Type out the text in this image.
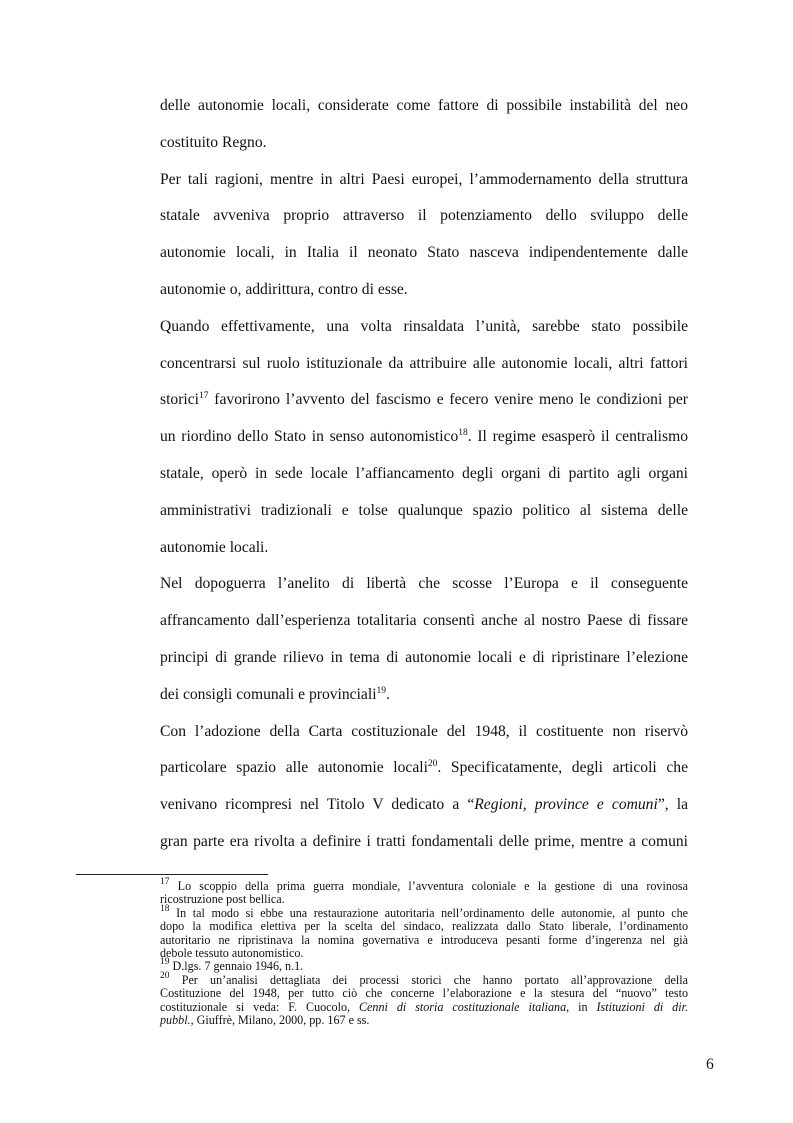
delle autonomie locali, considerate come fattore di possibile instabilità del neo
costituito Regno.
Per tali ragioni, mentre in altri Paesi europei, l’ammodernamento della struttura
statale avveniva proprio attraverso il potenziamento dello sviluppo delle
autonomie locali, in Italia il neonato Stato nasceva indipendentemente dalle
autonomie o, addirittura, contro di esse.
Quando effettivamente, una volta rinsaldata l’unità, sarebbe stato possibile
concentrarsi sul ruolo istituzionale da attribuire alle autonomie locali, altri fattori
storici$^{17}$ favorirono l’avvento del fascismo e fecero venire meno le condizioni per
un riordino dello Stato in senso autonomistico$^{18}$. Il regime esasperò il centralismo
statale, operò in sede locale l’affiancamento degli organi di partito agli organi
amministrativi tradizionali e tolse qualunque spazio politico al sistema delle
autonomie locali.
Nel dopoguerra l’anelito di libertà che scosse l’Europa e il conseguente
affrancamento dall’esperienza totalitaria consentì anche al nostro Paese di fissare
principi di grande rilievo in tema di autonomie locali e di ripristinare l’elezione
dei consigli comunali e provinciali$^{19}$.
Con l’adozione della Carta costituzionale del 1948, il costituente non riservò
particolare spazio alle autonomie locali$^{20}$. Specificatamente, degli articoli che
venivano ricompresi nel Titolo V dedicato a “Regioni, province e comuni”, la
gran parte era rivolta a definire i tratti fondamentali delle prime, mentre a comuni
$^{17}$ Lo scoppio della prima guerra mondiale, l’avventura coloniale e la gestione di una rovinosa
ricostruzione post bellica.
$^{18}$ In tal modo si ebbe una restaurazione autoritaria nell’ordinamento delle autonomie, al punto che
dopo la modifica elettiva per la scelta del sindaco, realizzata dallo Stato liberale, l’ordinamento
autoritario ne ripristinava la nomina governativa e introduceva pesanti forme d’ingerenza nel già
debole tessuto autonomistico.
$^{19}$ D.lgs. 7 gennaio 1946, n.1.
$^{20}$ Per un’analisi dettagliata dei processi storici che hanno portato all’approvazione della
Costituzione del 1948, per tutto ciò che concerne l’elaborazione e la stesura del “nuovo” testo
costituzionale si veda: F. Cuocolo, Cenni di storia costituzionale italiana, in Istituzioni di dir.
pubbl., Giuffrè, Milano, 2000, pp. 167 e ss.
6
